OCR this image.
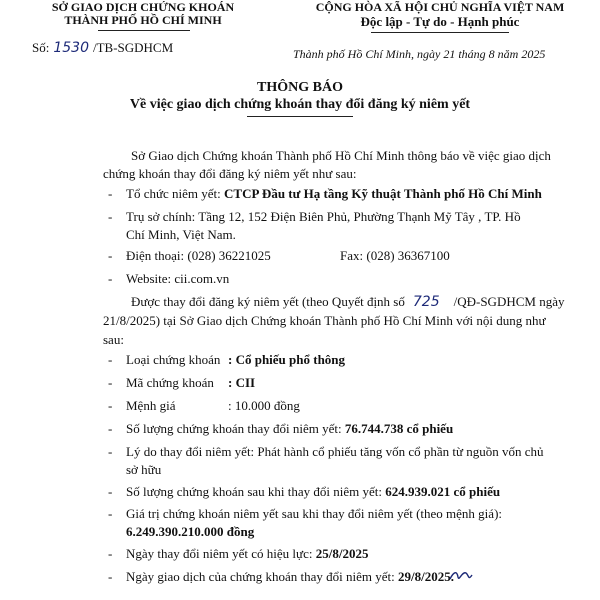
SỞ GIAO DỊCH CHỨNG KHOÁN
THÀNH PHỐ HỒ CHÍ MINH
Số: 1530 /TB-SGDHCM
CỘNG HÒA XÃ HỘI CHỦ NGHĨA VIỆT NAM
Độc lập - Tự do - Hạnh phúc
Thành phố Hồ Chí Minh, ngày 21 tháng 8 năm 2025
THÔNG BÁO
Về việc giao dịch chứng khoán thay đổi đăng ký niêm yết
Sở Giao dịch Chứng khoán Thành phố Hồ Chí Minh thông báo về việc giao dịch
chứng khoán thay đổi đăng ký niêm yết như sau:
- Tổ chức niêm yết: CTCP Đầu tư Hạ tầng Kỹ thuật Thành phố Hồ Chí Minh
- Trụ sở chính: Tầng 12, 152 Điện Biên Phủ, Phường Thạnh Mỹ Tây , TP. Hồ
Chí Minh, Việt Nam.
- Điện thoại: (028) 36221025	Fax: (028) 36367100
- Website: cii.com.vn
Được thay đổi đăng ký niêm yết (theo Quyết định số 725 /QĐ-SGDHCM ngày
21/8/2025) tại Sở Giao dịch Chứng khoán Thành phố Hồ Chí Minh với nội dung như
sau:
- Loại chứng khoán : Cổ phiếu phổ thông
- Mã chứng khoán : CII
- Mệnh giá	: 10.000 đồng
- Số lượng chứng khoán thay đổi niêm yết: 76.744.738 cổ phiếu
- Lý do thay đổi niêm yết: Phát hành cổ phiếu tăng vốn cổ phần từ nguồn vốn chủ
sở hữu
- Số lượng chứng khoán sau khi thay đổi niêm yết: 624.939.021 cổ phiếu
- Giá trị chứng khoán niêm yết sau khi thay đổi niêm yết (theo mệnh giá):
6.249.390.210.000 đồng
- Ngày thay đổi niêm yết có hiệu lực: 25/8/2025
- Ngày giao dịch của chứng khoán thay đổi niêm yết: 29/8/2025.
